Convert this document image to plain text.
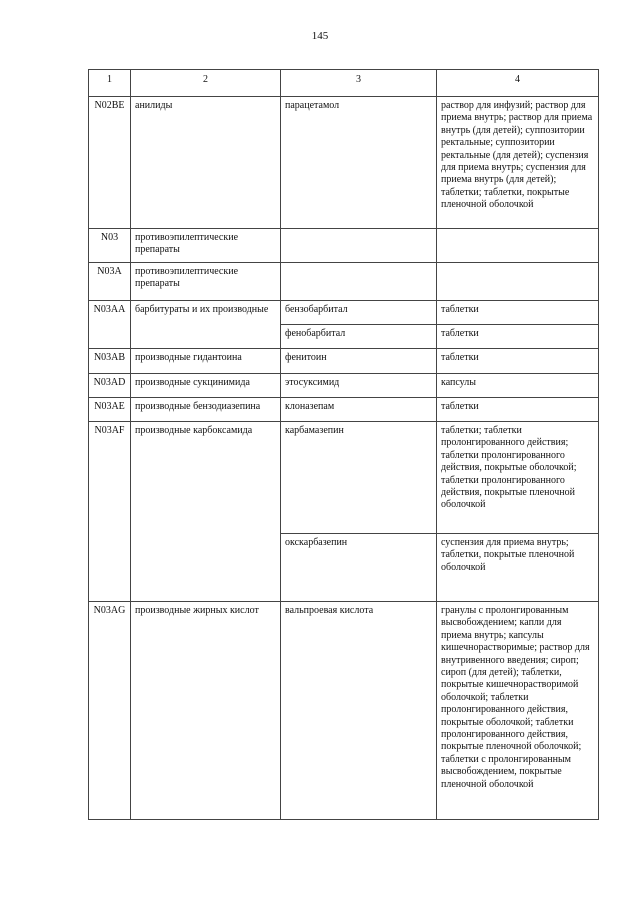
145
1	2	3	4
N02BE	анилиды	парацетамол	раствор для инфузий; раствор для приема внутрь; раствор для приема внутрь (для детей); суппозитории ректальные; суппозитории ректальные (для детей); суспензия для приема внутрь; суспензия для приема внутрь (для детей); таблетки; таблетки, покрытые пленочной оболочкой
N03	противоэпилептические препараты		
N03A	противоэпилептические препараты		
N03AA	барбитураты и их производные	бензобарбитал	таблетки
		фенобарбитал	таблетки
N03AB	производные гидантоина	фенитоин	таблетки
N03AD	производные сукцинимида	этосуксимид	капсулы
N03AE	производные бензодиазепина	клоназепам	таблетки
N03AF	производные карбоксамида	карбамазепин	таблетки; таблетки пролонгированного действия; таблетки пролонгированного действия, покрытые оболочкой; таблетки пролонгированного действия, покрытые пленочной оболочкой
		окскарбазепин	суспензия для приема внутрь; таблетки, покрытые пленочной оболочкой
N03AG	производные жирных кислот	вальпроевая кислота	гранулы с пролонгированным высвобождением; капли для приема внутрь; капсулы кишечнорастворимые; раствор для внутривенного введения; сироп; сироп (для детей); таблетки, покрытые кишечнорастворимой оболочкой; таблетки пролонгированного действия, покрытые оболочкой; таблетки пролонгированного действия, покрытые пленочной оболочкой; таблетки с пролонгированным высвобождением, покрытые пленочной оболочкой
